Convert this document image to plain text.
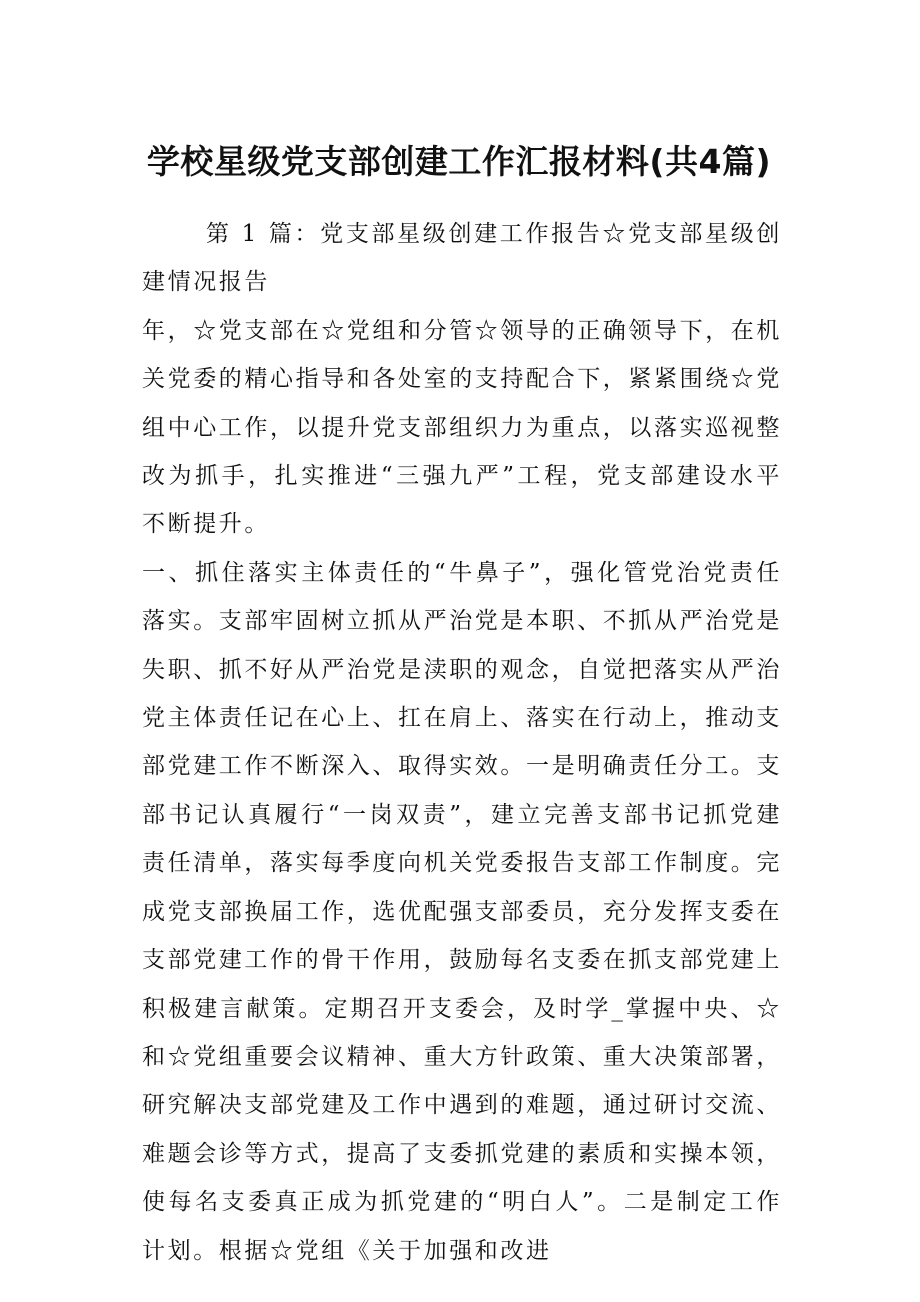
学校星级党支部创建工作汇报材料(共4篇)

第 1 篇：党支部星级创建工作报告☆党支部星级创建情况报告

年，☆党支部在☆党组和分管☆领导的正确领导下，在机关党委的精心指导和各处室的支持配合下，紧紧围绕☆党组中心工作，以提升党支部组织力为重点，以落实巡视整改为抓手，扎实推进“三强九严”工程，党支部建设水平不断提升。

一、抓住落实主体责任的“牛鼻子”，强化管党治党责任落实。支部牢固树立抓从严治党是本职、不抓从严治党是失职、抓不好从严治党是渎职的观念，自觉把落实从严治党主体责任记在心上、扛在肩上、落实在行动上，推动支部党建工作不断深入、取得实效。一是明确责任分工。支部书记认真履行“一岗双责”，建立完善支部书记抓党建责任清单，落实每季度向机关党委报告支部工作制度。完成党支部换届工作，选优配强支部委员，充分发挥支委在支部党建工作的骨干作用，鼓励每名支委在抓支部党建上积极建言献策。定期召开支委会，及时学_掌握中央、☆和☆党组重要会议精神、重大方针政策、重大决策部署，研究解决支部党建及工作中遇到的难题，通过研讨交流、难题会诊等方式，提高了支委抓党建的素质和实操本领，使每名支委真正成为抓党建的“明白人”。二是制定工作计划。根据☆党组《关于加强和改进
